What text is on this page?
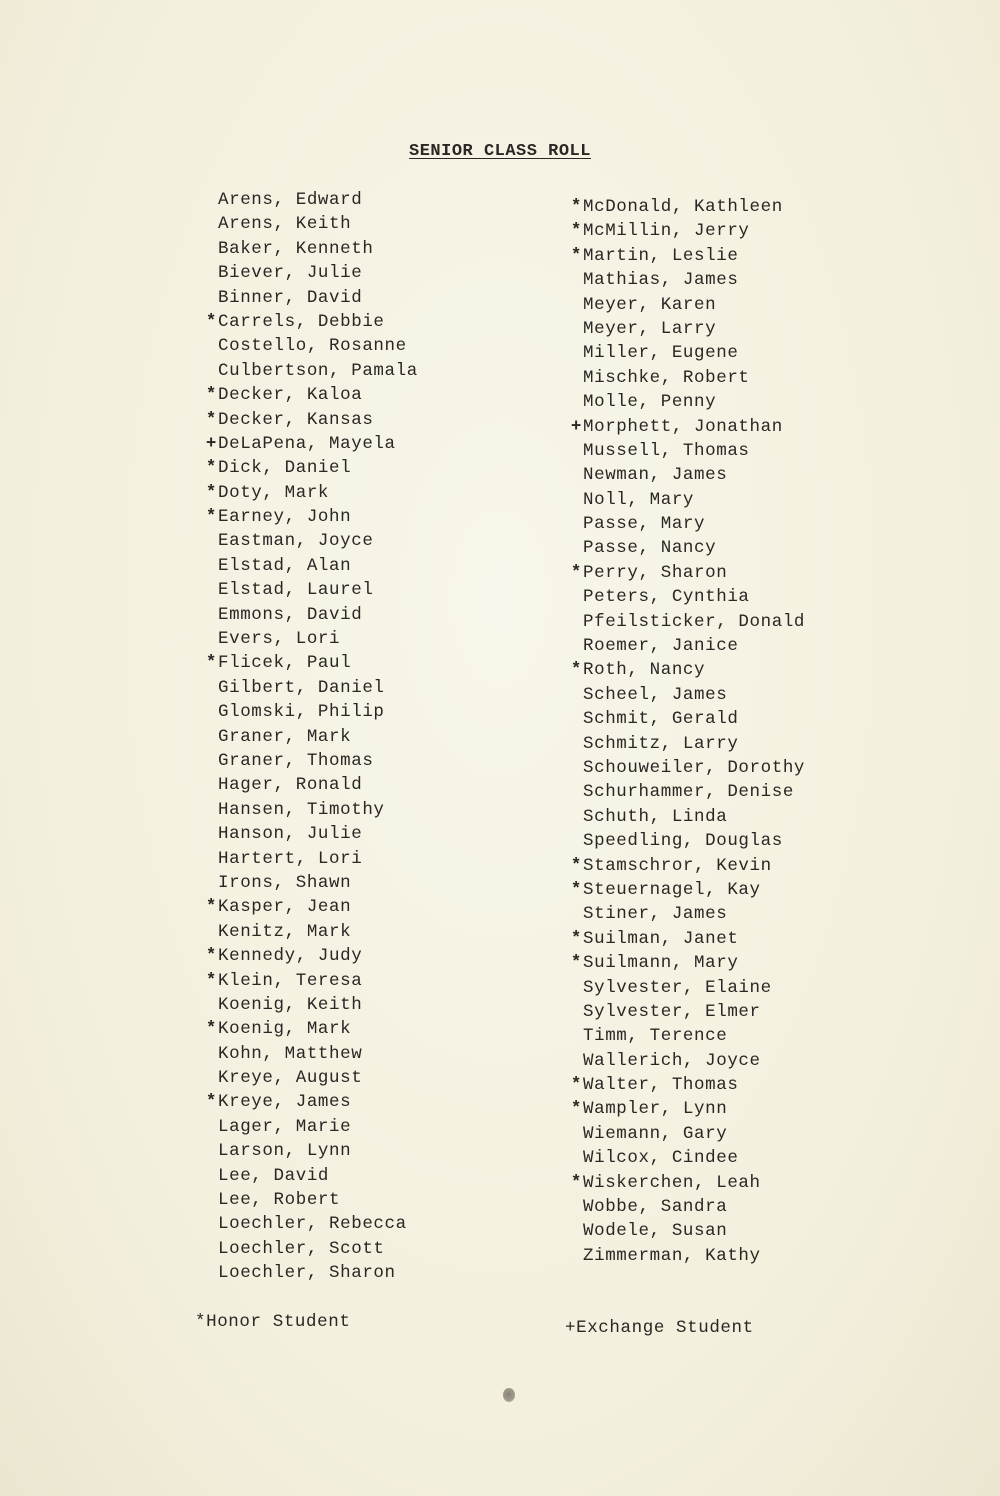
SENIOR CLASS ROLL
Arens, Edward
Arens, Keith
Baker, Kenneth
Biever, Julie
Binner, David
* Carrels, Debbie
Costello, Rosanne
Culbertson, Pamala
* Decker, Kaloa
* Decker, Kansas
+ DeLaPena, Mayela
* Dick, Daniel
* Doty, Mark
* Earney, John
Eastman, Joyce
Elstad, Alan
Elstad, Laurel
Emmons, David
Evers, Lori
* Flicek, Paul
Gilbert, Daniel
Glomski, Philip
Graner, Mark
Graner, Thomas
Hager, Ronald
Hansen, Timothy
Hanson, Julie
Hartert, Lori
Irons, Shawn
* Kasper, Jean
Kenitz, Mark
* Kennedy, Judy
* Klein, Teresa
Koenig, Keith
* Koenig, Mark
Kohn, Matthew
Kreye, August
* Kreye, James
Lager, Marie
Larson, Lynn
Lee, David
Lee, Robert
Loechler, Rebecca
Loechler, Scott
Loechler, Sharon
* McDonald, Kathleen
* McMillin, Jerry
* Martin, Leslie
Mathias, James
Meyer, Karen
Meyer, Larry
Miller, Eugene
Mischke, Robert
Molle, Penny
+ Morphett, Jonathan
Mussell, Thomas
Newman, James
Noll, Mary
Passe, Mary
Passe, Nancy
* Perry, Sharon
Peters, Cynthia
Pfeilsticker, Donald
Roemer, Janice
* Roth, Nancy
Scheel, James
Schmit, Gerald
Schmitz, Larry
Schouweiler, Dorothy
Schurhammer, Denise
Schuth, Linda
Speedling, Douglas
* Stamschror, Kevin
* Steuernagel, Kay
Stiner, James
* Suilman, Janet
* Suilmann, Mary
Sylvester, Elaine
Sylvester, Elmer
Timm, Terence
Wallerich, Joyce
* Walter, Thomas
* Wampler, Lynn
Wiemann, Gary
Wilcox, Cindee
* Wiskerchen, Leah
Wobbe, Sandra
Wodele, Susan
Zimmerman, Kathy
*Honor Student	+Exchange Student
